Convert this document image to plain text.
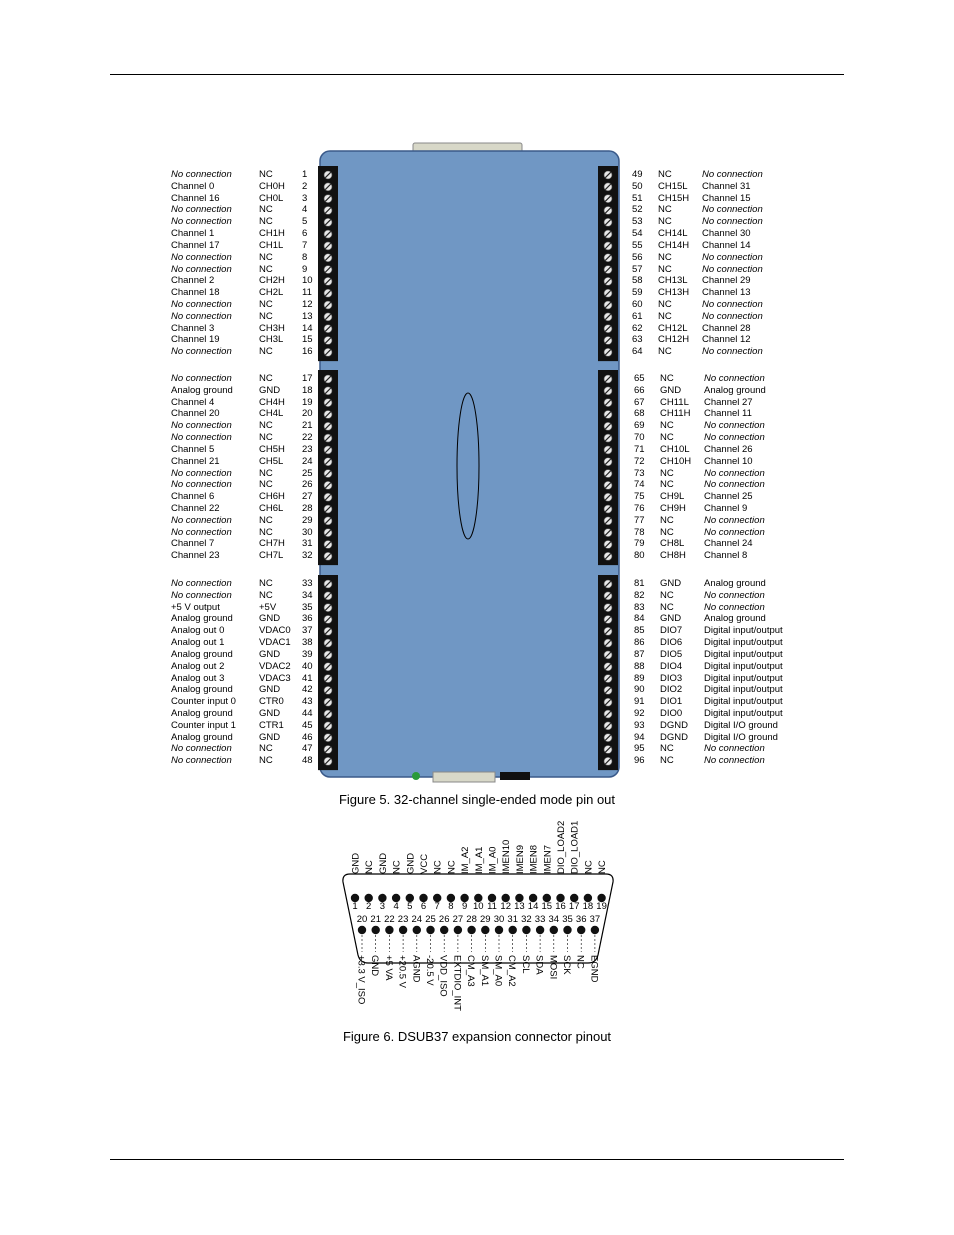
No connection	NC	1
Channel 0	CH0H 2
Channel 16	CH0L 3
No connection	NC	4
No connection	NC	5
Channel 1	CH1H 6
Channel 17	CH1L 7
No connection	NC	8
No connection	NC	9
Channel 2	CH2H 10
Channel 18	CH2L 11
No connection	NC	12
No connection	NC	13
Channel 3	CH3H 14
Channel 19	CH3L 15
No connection	NC	16
No connection	NC	17
Analog ground	GND 18
Channel 4	CH4H 19
Channel 20	CH4L 20
No connection	NC	21
No connection	NC	22
Channel 5	CH5H 23
Channel 21	CH5L 24
No connection	NC	25
No connection	NC	26
Channel 6	CH6H 27
Channel 22	CH6L 28
No connection	NC	29
No connection	NC	30
Channel 7	CH7H 31
Channel 23	CH7L 32
No connection	NC	33
No connection	NC	34
+5 V output	+5V	35
Analog ground	GND 36
Analog out 0	VDAC0 37
Analog out 1	VDAC1 38
Analog ground	GND 39
Analog out 2	VDAC2 40
Analog out 3	VDAC3 41
Analog ground	GND 42
Counter input 0 CTR0 43
Analog ground	GND 44
Counter input 1 CTR1 45
Analog ground	GND 46
No connection	NC	47
No connection	NC	48
49 NC	No connection
50 CH15L Channel 31
51 CH15H Channel 15
52 NC	No connection
53 NC	No connection
54 CH14L Channel 30
55 CH14H Channel 14
56 NC	No connection
57 NC	No connection
58 CH13L Channel 29
59 CH13H Channel 13
60 NC	No connection
61 NC	No connection
62 CH12L Channel 28
63 CH12H Channel 12
64 NC	No connection
65 NC	No connection
66 GND Analog ground
67 CH11L Channel 27
68 CH11H Channel 11
69 NC	No connection
70 NC	No connection
71 CH10L Channel 26
72 CH10H Channel 10
73 NC	No connection
74 NC	No connection
75 CH9L Channel 25
76 CH9H Channel 9
77 NC	No connection
78 NC	No connection
79 CH8L Channel 24
80 CH8H Channel 8
81 GND Analog ground
82 NC	No connection
83 NC	No connection
84 GND Analog ground
85 DIO7 Digital input/output
86 DIO6 Digital input/output
87 DIO5 Digital input/output
88 DIO4 Digital input/output
89 DIO3 Digital input/output
90 DIO2 Digital input/output
91 DIO1 Digital input/output
92 DIO0 Digital input/output
93 DGND Digital I/O ground
94 DGND Digital I/O ground
95 NC	No connection
96 NC	No connection
Figure 5. 32-channel single-ended mode pin out
GND
1
NC
2
GND
3
NC
4
GND
5
VCC
6
NC
7
NC
8
IM_A2
9
IM_A1
10
IM_A0
11
IMEN10
12
IMEN9
13
IMEN8
14
IMEN7
15
DIO_LOAD2
16
DIO_LOAD1
17
NC
18
NC
19
20
+3.3 V_ISO
21
GND
22
+5 VA
23
+20.5 V
24
AGND
25
-20.5 V
26
VDD_ISO
27
EXTDIO_INT
28
CM_A3
29
SM_A1
30
SM_A0
31
CM_A2
32
SCL
33
SDA
34
MOSI
35
SCK
36
NC
37
EGND
Figure 6. DSUB37 expansion connector pinout
